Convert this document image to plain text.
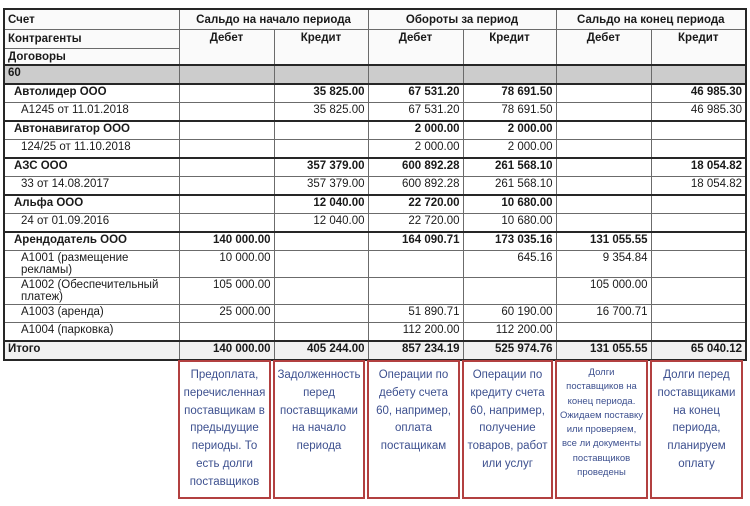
Счет	Сальдо на начало периода		Обороты за период		Сальдо на конец периода	
Контрагенты	Дебет	Кредит	Дебет	Кредит	Дебет	Кредит
Договоры						
60						
Автолидер ООО		35 825.00	67 531.20	78 691.50		46 985.30
А1245 от 11.01.2018		35 825.00	67 531.20	78 691.50		46 985.30
Автонавигатор ООО			2 000.00	2 000.00		
124/25 от 11.10.2018			2 000.00	2 000.00		
АЗС ООО		357 379.00	600 892.28	261 568.10		18 054.82
33 от 14.08.2017		357 379.00	600 892.28	261 568.10		18 054.82
Альфа ООО		12 040.00	22 720.00	10 680.00		
24 от 01.09.2016		12 040.00	22 720.00	10 680.00		
Арендодатель ООО	140 000.00		164 090.71	173 035.16	131 055.55	
А1001 (размещение рекламы)	10 000.00			645.16	9 354.84	
А1002 (Обеспечительный платеж)	105 000.00				105 000.00	
А1003 (аренда)	25 000.00		51 890.71	60 190.00	16 700.71	
А1004 (парковка)			112 200.00	112 200.00		
Итого	140 000.00	405 244.00	857 234.19	525 974.76	131 055.55	65 040.12
Предоплата, перечисленная поставщикам в предыдущие периоды. То есть долги поставщиков
Задолженность перед поставщиками на начало периода
Операции по дебету счета 60, например, оплата постащикам
Операции по кредиту счета 60, например, получение товаров, работ или услуг
Долги поставщиков на конец периода. Ожидаем поставку или проверяем, все ли документы поставщиков проведены
Долги перед поставщиками на конец периода, планируем оплату
